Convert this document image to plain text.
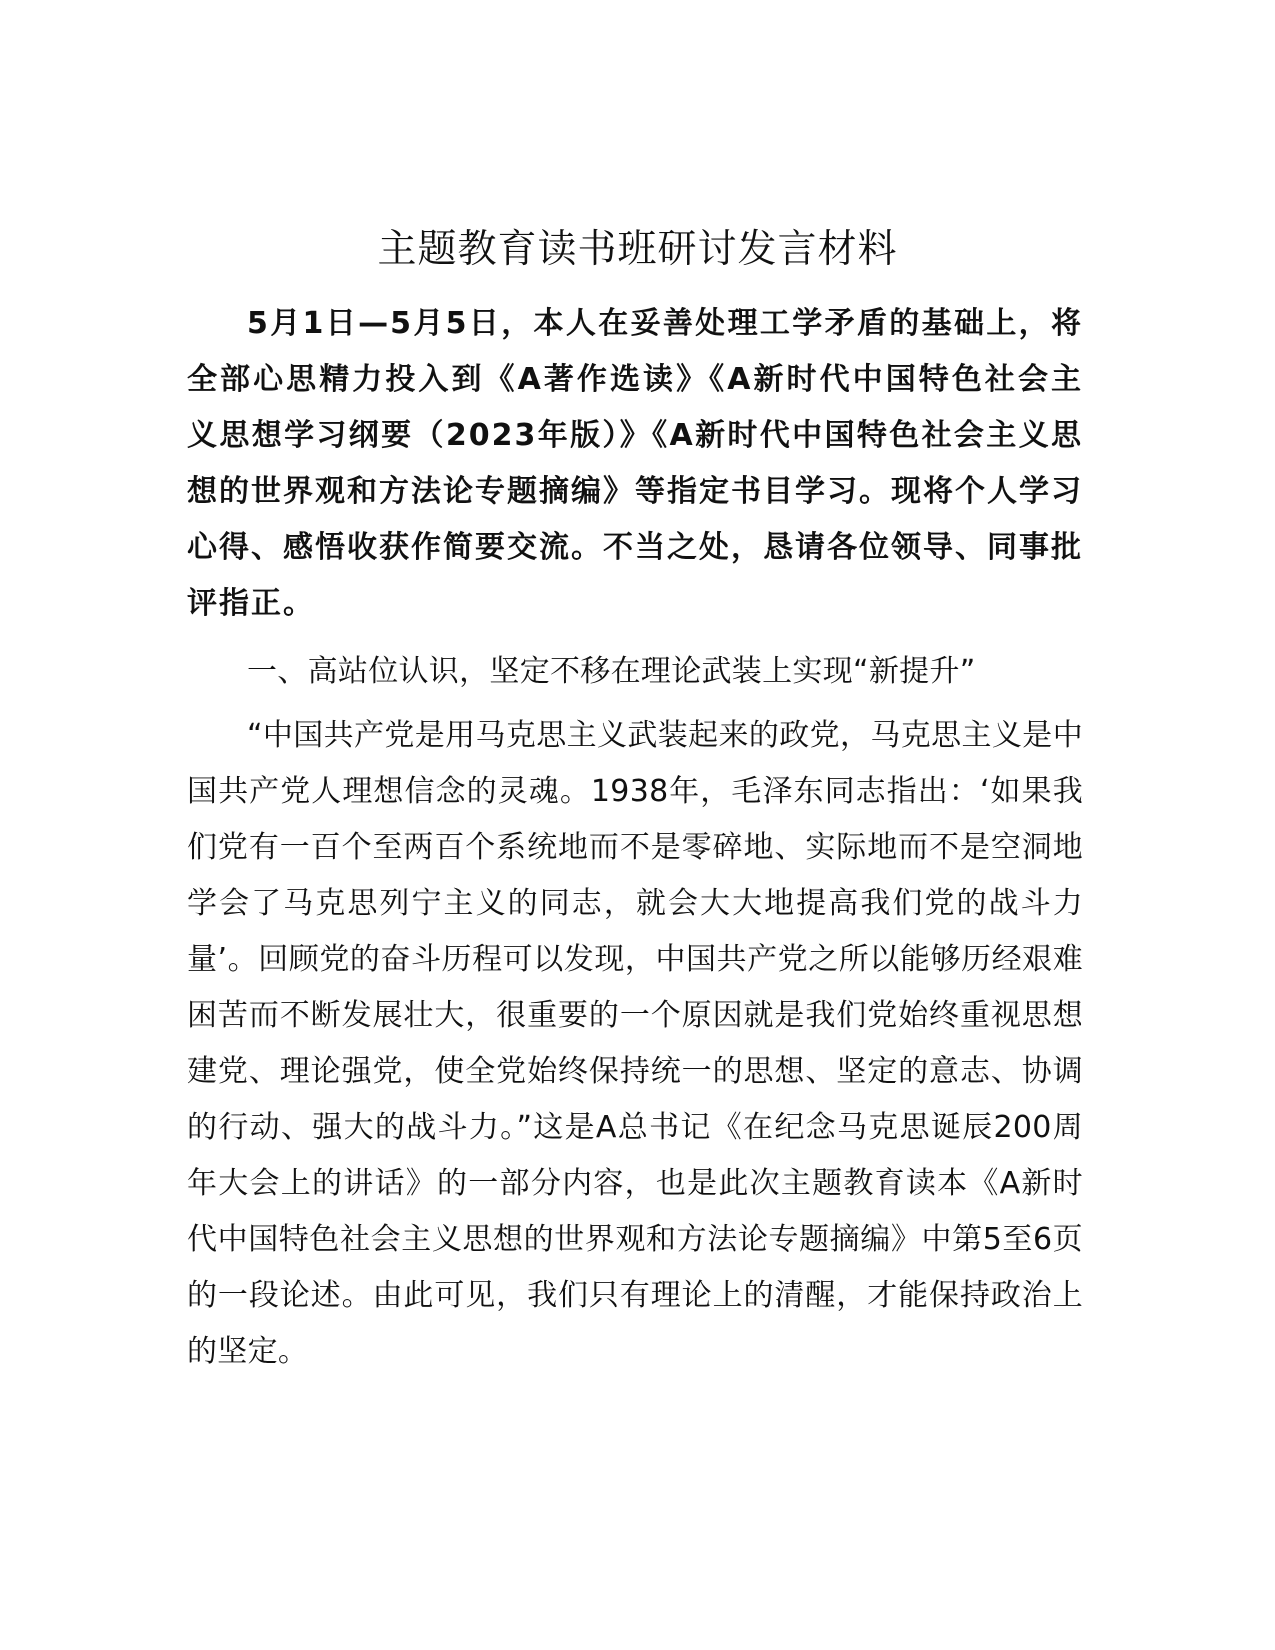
主题教育读书班研讨发言材料

5月1日—5月5日，本人在妥善处理工学矛盾的基础上，将全部心思精力投入到《A著作选读》《A新时代中国特色社会主义思想学习纲要（2023年版）》《A新时代中国特色社会主义思想的世界观和方法论专题摘编》等指定书目学习。现将个人学习心得、感悟收获作简要交流。不当之处，恳请各位领导、同事批评指正。

一、高站位认识，坚定不移在理论武装上实现“新提升”

“中国共产党是用马克思主义武装起来的政党，马克思主义是中国共产党人理想信念的灵魂。1938年，毛泽东同志指出：‘如果我们党有一百个至两百个系统地而不是零碎地、实际地而不是空洞地学会了马克思列宁主义的同志，就会大大地提高我们党的战斗力量’。回顾党的奋斗历程可以发现，中国共产党之所以能够历经艰难困苦而不断发展壮大，很重要的一个原因就是我们党始终重视思想建党、理论强党，使全党始终保持统一的思想、坚定的意志、协调的行动、强大的战斗力。”这是A总书记《在纪念马克思诞辰200周年大会上的讲话》的一部分内容，也是此次主题教育读本《A新时代中国特色社会主义思想的世界观和方法论专题摘编》中第5至6页的一段论述。由此可见，我们只有理论上的清醒，才能保持政治上的坚定。
